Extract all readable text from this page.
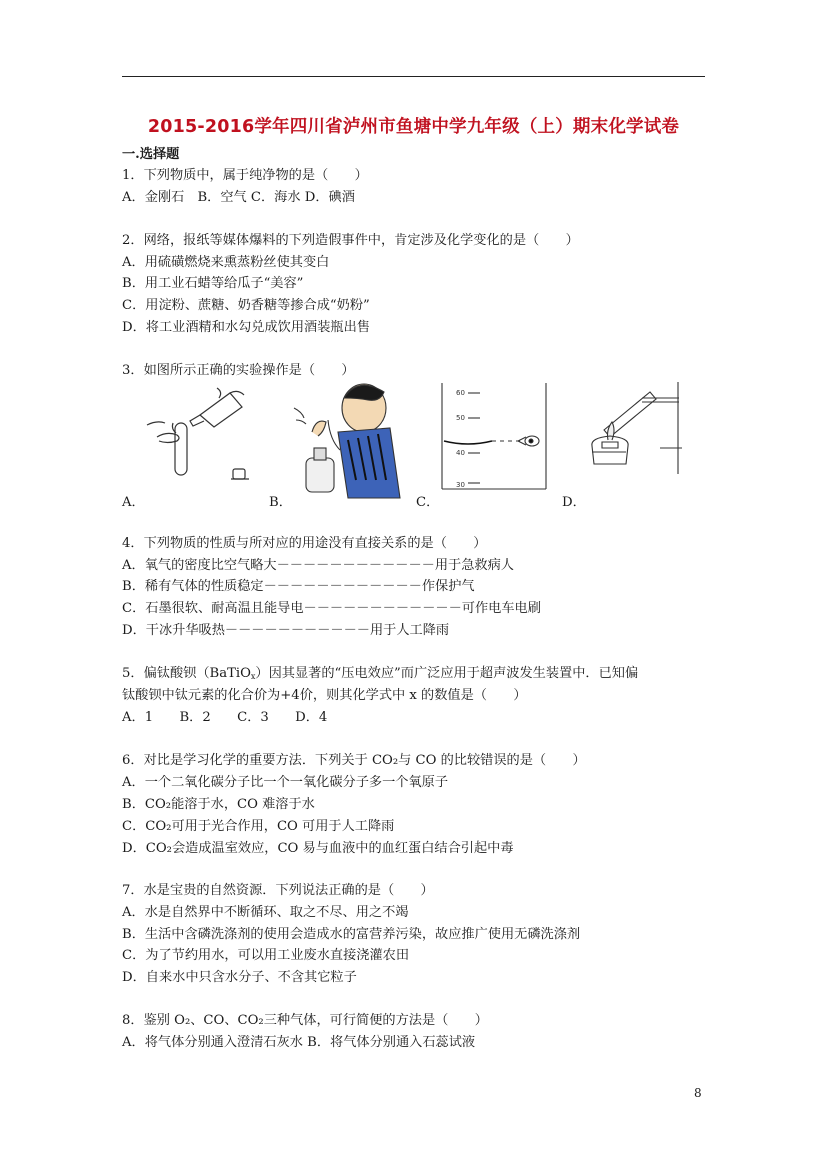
2015-2016学年四川省泸州市鱼塘中学九年级（上）期末化学试卷
一.选择题
1．下列物质中，属于纯净物的是（　　）
A．金刚石　B．空气 C．海水 D．碘酒
2．网络，报纸等媒体爆料的下列造假事件中，肯定涉及化学变化的是（　　）
A．用硫磺燃烧来熏蒸粉丝使其变白
B．用工业石蜡等给瓜子“美容”
C．用淀粉、蔗糖、奶香糖等掺合成“奶粉”
D．将工业酒精和水勾兑成饮用酒装瓶出售
3．如图所示正确的实验操作是（　　）
60
50
40
30
A．	B．	C．	D．
4．下列物质的性质与所对应的用途没有直接关系的是（　　）
A．氧气的密度比空气略大－－－－－－－－－－－－用于急救病人
B．稀有气体的性质稳定－－－－－－－－－－－－作保护气
C．石墨很软、耐高温且能导电－－－－－－－－－－－－可作电车电刷
D．干冰升华吸热－－－－－－－－－－－用于人工降雨
5．偏钛酸钡（BaTiO$_x$）因其显著的“压电效应”而广泛应用于超声波发生装置中．已知偏
钛酸钡中钛元素的化合价为+4价，则其化学式中 x 的数值是（　　）
A．1　　B．2　　C．3　　D．4
6．对比是学习化学的重要方法．下列关于 CO₂与 CO 的比较错误的是（　　）
A．一个二氧化碳分子比一个一氧化碳分子多一个氧原子
B．CO₂能溶于水，CO 难溶于水
C．CO₂可用于光合作用，CO 可用于人工降雨
D．CO₂会造成温室效应，CO 易与血液中的血红蛋白结合引起中毒
7．水是宝贵的自然资源．下列说法正确的是（　　）
A．水是自然界中不断循环、取之不尽、用之不竭
B．生活中含磷洗涤剂的使用会造成水的富营养污染，故应推广使用无磷洗涤剂
C．为了节约用水，可以用工业废水直接浇灌农田
D．自来水中只含水分子、不含其它粒子
8．鉴别 O₂、CO、CO₂三种气体，可行简便的方法是（　　）
A．将气体分别通入澄清石灰水 B．将气体分别通入石蕊试液
8
